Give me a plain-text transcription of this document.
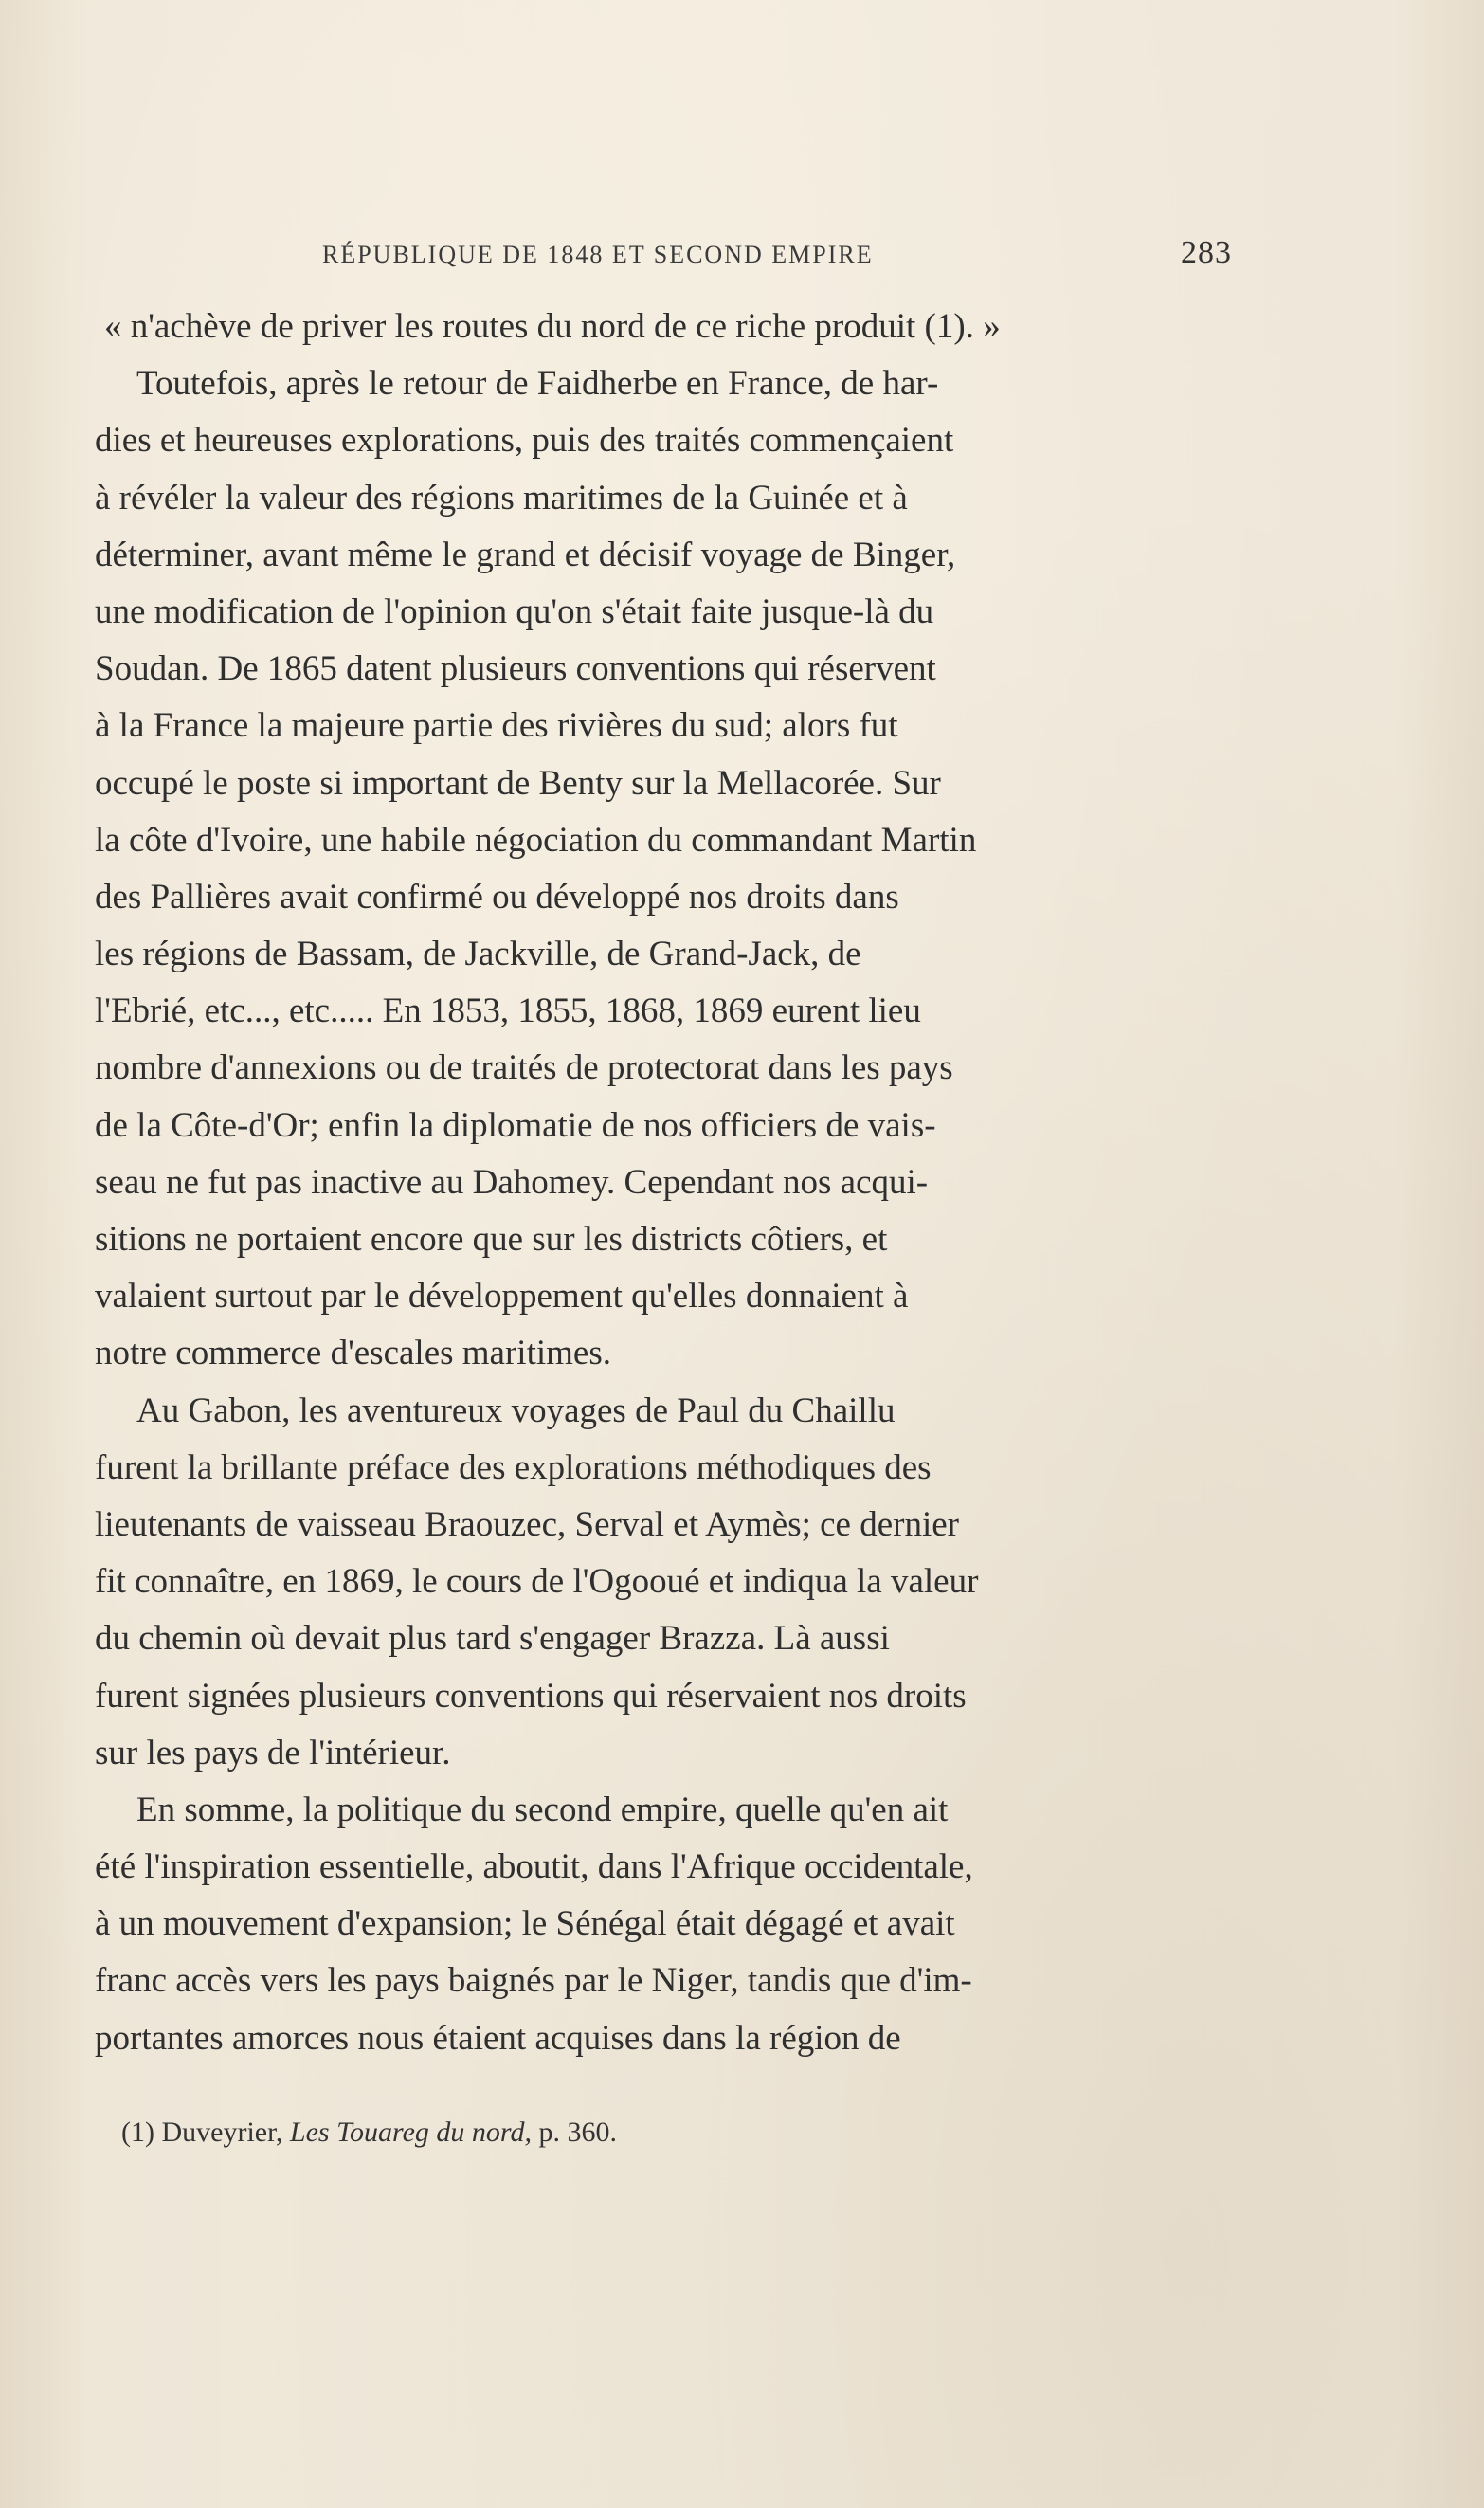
RÉPUBLIQUE DE 1848 ET SECOND EMPIRE	283
« n'achève de priver les routes du nord de ce riche produit (1). »
Toutefois, après le retour de Faidherbe en France, de har-
dies et heureuses explorations, puis des traités commençaient
à révéler la valeur des régions maritimes de la Guinée et à
déterminer, avant même le grand et décisif voyage de Binger,
une modification de l'opinion qu'on s'était faite jusque-là du
Soudan. De 1865 datent plusieurs conventions qui réservent
à la France la majeure partie des rivières du sud; alors fut
occupé le poste si important de Benty sur la Mellacorée. Sur
la côte d'Ivoire, une habile négociation du commandant Martin
des Pallières avait confirmé ou développé nos droits dans
les régions de Bassam, de Jackville, de Grand-Jack, de
l'Ebrié, etc..., etc..... En 1853, 1855, 1868, 1869 eurent lieu
nombre d'annexions ou de traités de protectorat dans les pays
de la Côte-d'Or; enfin la diplomatie de nos officiers de vais-
seau ne fut pas inactive au Dahomey. Cependant nos acqui-
sitions ne portaient encore que sur les districts côtiers, et
valaient surtout par le développement qu'elles donnaient à
notre commerce d'escales maritimes.
Au Gabon, les aventureux voyages de Paul du Chaillu
furent la brillante préface des explorations méthodiques des
lieutenants de vaisseau Braouzec, Serval et Aymès; ce dernier
fit connaître, en 1869, le cours de l'Ogooué et indiqua la valeur
du chemin où devait plus tard s'engager Brazza. Là aussi
furent signées plusieurs conventions qui réservaient nos droits
sur les pays de l'intérieur.
En somme, la politique du second empire, quelle qu'en ait
été l'inspiration essentielle, aboutit, dans l'Afrique occidentale,
à un mouvement d'expansion; le Sénégal était dégagé et avait
franc accès vers les pays baignés par le Niger, tandis que d'im-
portantes amorces nous étaient acquises dans la région de
(1) Duveyrier, Les Touareg du nord, p. 360.
